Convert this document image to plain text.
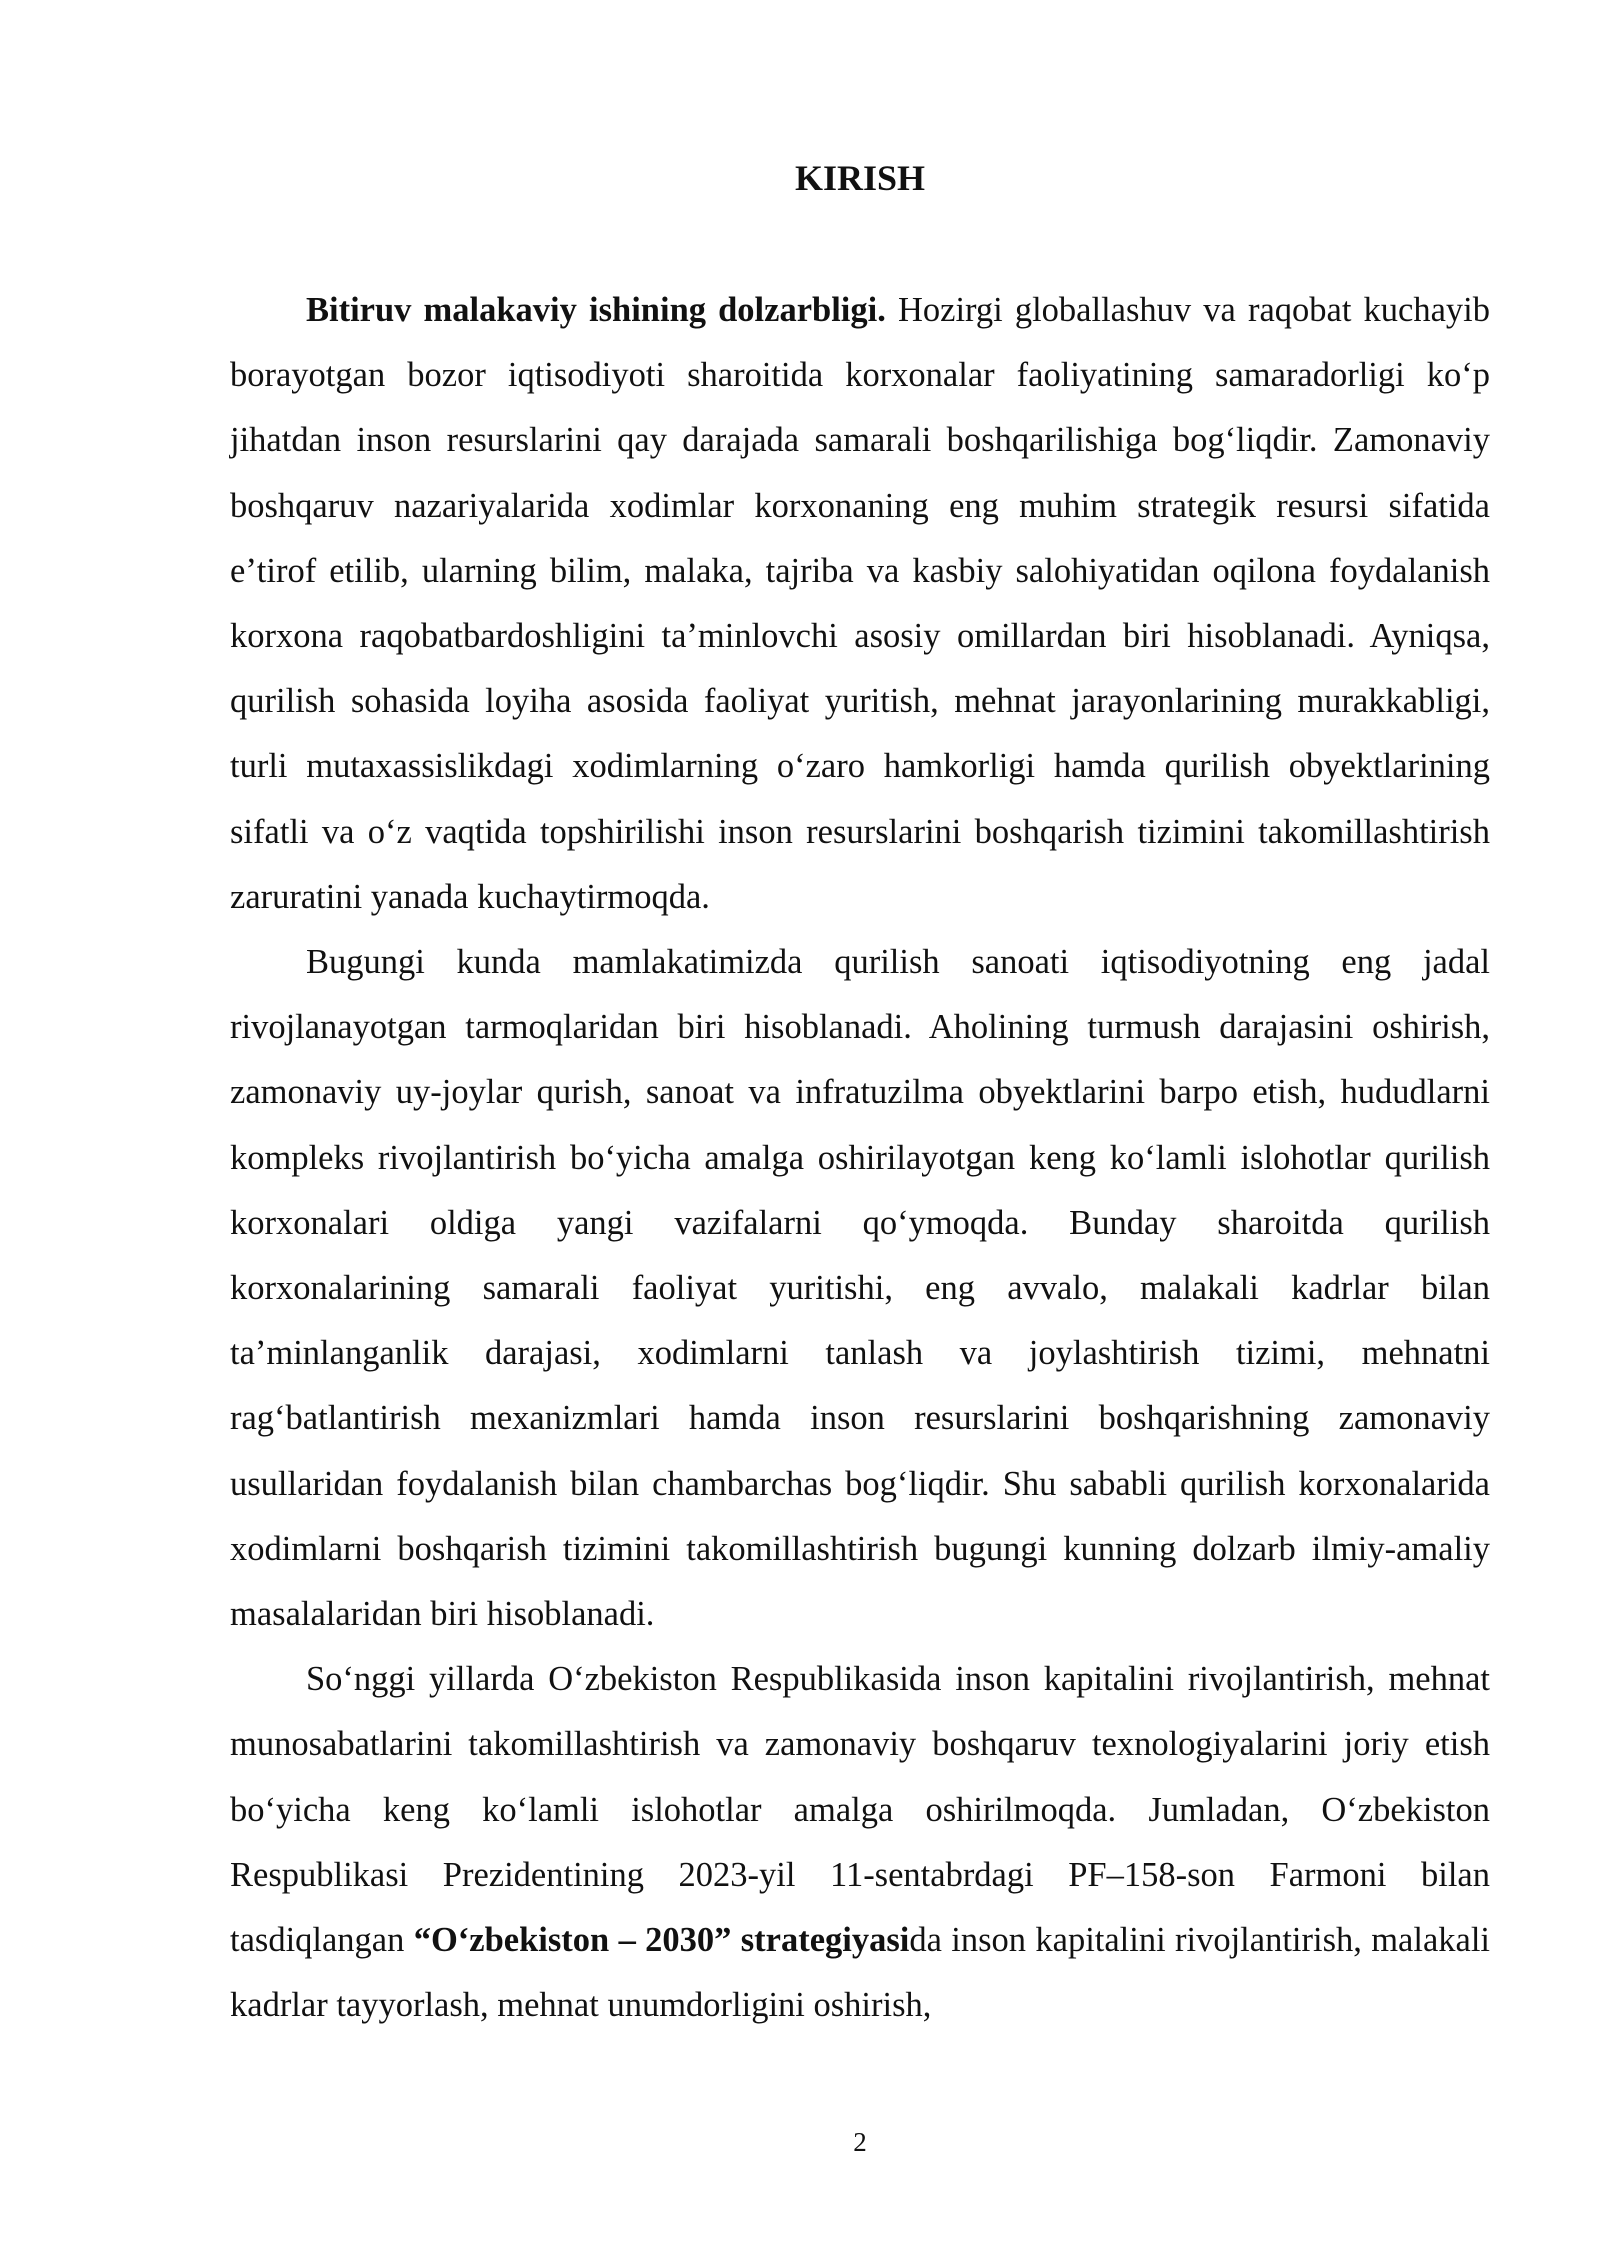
KIRISH

Bitiruv malakaviy ishining dolzarbligi. Hozirgi globallashuv va raqobat kuchayib borayotgan bozor iqtisodiyoti sharoitida korxonalar faoliyatining samaradorligi koʻp jihatdan inson resurslarini qay darajada samarali boshqarilishiga bogʻliqdir. Zamonaviy boshqaruv nazariyalarida xodimlar korxonaning eng muhim strategik resursi sifatida eʼtirof etilib, ularning bilim, malaka, tajriba va kasbiy salohiyatidan oqilona foydalanish korxona raqobatbardoshligini taʼminlovchi asosiy omillardan biri hisoblanadi. Ayniqsa, qurilish sohasida loyiha asosida faoliyat yuritish, mehnat jarayonlarining murakkabligi, turli mutaxassislikdagi xodimlarning oʻzaro hamkorligi hamda qurilish obyektlarining sifatli va oʻz vaqtida topshirilishi inson resurslarini boshqarish tizimini takomillashtirish zaruratini yanada kuchaytirmoqda.

Bugungi kunda mamlakatimizda qurilish sanoati iqtisodiyotning eng jadal rivojlanayotgan tarmoqlaridan biri hisoblanadi. Aholining turmush darajasini oshirish, zamonaviy uy-joylar qurish, sanoat va infratuzilma obyektlarini barpo etish, hududlarni kompleks rivojlantirish boʻyicha amalga oshirilayotgan keng koʻlamli islohotlar qurilish korxonalari oldiga yangi vazifalarni qoʻymoqda. Bunday sharoitda qurilish korxonalarining samarali faoliyat yuritishi, eng avvalo, malakali kadrlar bilan taʼminlanganlik darajasi, xodimlarni tanlash va joylashtirish tizimi, mehnatni ragʻbatlantirish mexanizmlari hamda inson resurslarini boshqarishning zamonaviy usullaridan foydalanish bilan chambarchas bogʻliqdir. Shu sababli qurilish korxonalarida xodimlarni boshqarish tizimini takomillashtirish bugungi kunning dolzarb ilmiy-amaliy masalalaridan biri hisoblanadi.

Soʻnggi yillarda Oʻzbekiston Respublikasida inson kapitalini rivojlantirish, mehnat munosabatlarini takomillashtirish va zamonaviy boshqaruv texnologiyalarini joriy etish boʻyicha keng koʻlamli islohotlar amalga oshirilmoqda. Jumladan, Oʻzbekiston Respublikasi Prezidentining 2023-yil 11-sentabrdagi PF–158-son Farmoni bilan tasdiqlangan “Oʻzbekiston – 2030” strategiyasida inson kapitalini rivojlantirish, malakali kadrlar tayyorlash, mehnat unumdorligini oshirish,

2
